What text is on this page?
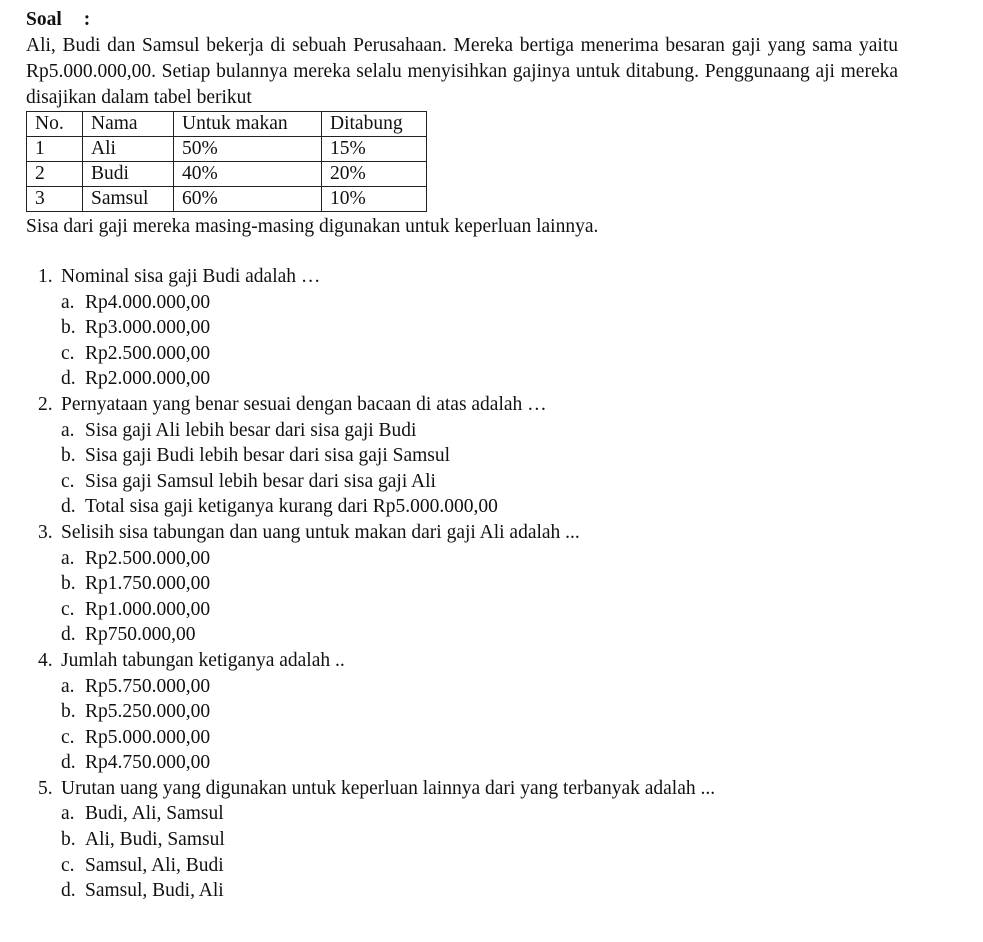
Soal :
Ali, Budi dan Samsul bekerja di sebuah Perusahaan. Mereka bertiga menerima besaran gaji yang sama yaitu Rp5.000.000,00. Setiap bulannya mereka selalu menyisihkan gajinya untuk ditabung. Penggunaang aji mereka disajikan dalam tabel berikut
No.	Nama	Untuk makan	Ditabung
1	Ali	50%	15%
2	Budi	40%	20%
3	Samsul	60%	10%
Sisa dari gaji mereka masing-masing digunakan untuk keperluan lainnya.
1. Nominal sisa gaji Budi adalah …
a. Rp4.000.000,00
b. Rp3.000.000,00
c. Rp2.500.000,00
d. Rp2.000.000,00
2. Pernyataan yang benar sesuai dengan bacaan di atas adalah …
a. Sisa gaji Ali lebih besar dari sisa gaji Budi
b. Sisa gaji Budi lebih besar dari sisa gaji Samsul
c. Sisa gaji Samsul lebih besar dari sisa gaji Ali
d. Total sisa gaji ketiganya kurang dari Rp5.000.000,00
3. Selisih sisa tabungan dan uang untuk makan dari gaji Ali adalah ...
a. Rp2.500.000,00
b. Rp1.750.000,00
c. Rp1.000.000,00
d. Rp750.000,00
4. Jumlah tabungan ketiganya adalah ..
a. Rp5.750.000,00
b. Rp5.250.000,00
c. Rp5.000.000,00
d. Rp4.750.000,00
5. Urutan uang yang digunakan untuk keperluan lainnya dari yang terbanyak adalah ...
a. Budi, Ali, Samsul
b. Ali, Budi, Samsul
c. Samsul, Ali, Budi
d. Samsul, Budi, Ali
